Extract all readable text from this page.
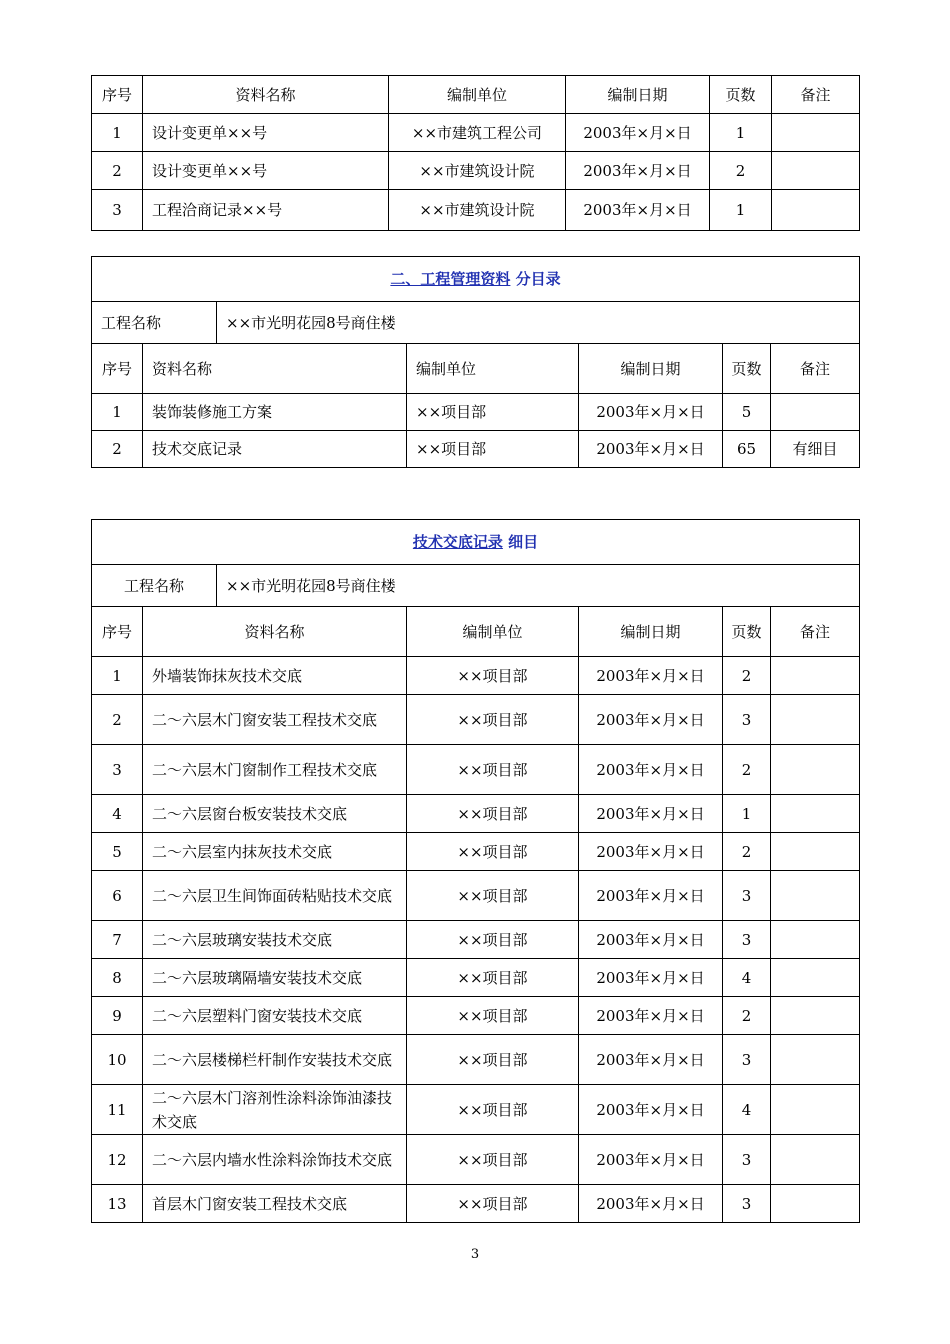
序号	资料名称	编制单位	编制日期	页数	备注
1	设计变更单××号	××市建筑工程公司	2003年×月×日	1	
2	设计变更单××号	××市建筑设计院	2003年×月×日	2	
3	工程洽商记录××号	××市建筑设计院	2003年×月×日	1	
二、工程管理资料 分目录						
工程名称		××市光明花园8号商住楼				
序号	资料名称		编制单位	编制日期	页数	备注
1	装饰装修施工方案		××项目部	2003年×月×日	5	
2	技术交底记录		××项目部	2003年×月×日	65	有细目
技术交底记录 细目						
工程名称		××市光明花园8号商住楼				
序号	资料名称		编制单位	编制日期	页数	备注
1	外墙装饰抹灰技术交底		××项目部	2003年×月×日	2	
2	二～六层木门窗安装工程技术交底		××项目部	2003年×月×日	3	
3	二～六层木门窗制作工程技术交底		××项目部	2003年×月×日	2	
4	二～六层窗台板安装技术交底		××项目部	2003年×月×日	1	
5	二～六层室内抹灰技术交底		××项目部	2003年×月×日	2	
6	二～六层卫生间饰面砖粘贴技术交底		××项目部	2003年×月×日	3	
7	二～六层玻璃安装技术交底		××项目部	2003年×月×日	3	
8	二～六层玻璃隔墙安装技术交底		××项目部	2003年×月×日	4	
9	二～六层塑料门窗安装技术交底		××项目部	2003年×月×日	2	
10	二～六层楼梯栏杆制作安装技术交底		××项目部	2003年×月×日	3	
11	二～六层木门溶剂性涂料涂饰油漆技术交底		××项目部	2003年×月×日	4	
12	二～六层内墙水性涂料涂饰技术交底		××项目部	2003年×月×日	3	
13	首层木门窗安装工程技术交底		××项目部	2003年×月×日	3	
3
